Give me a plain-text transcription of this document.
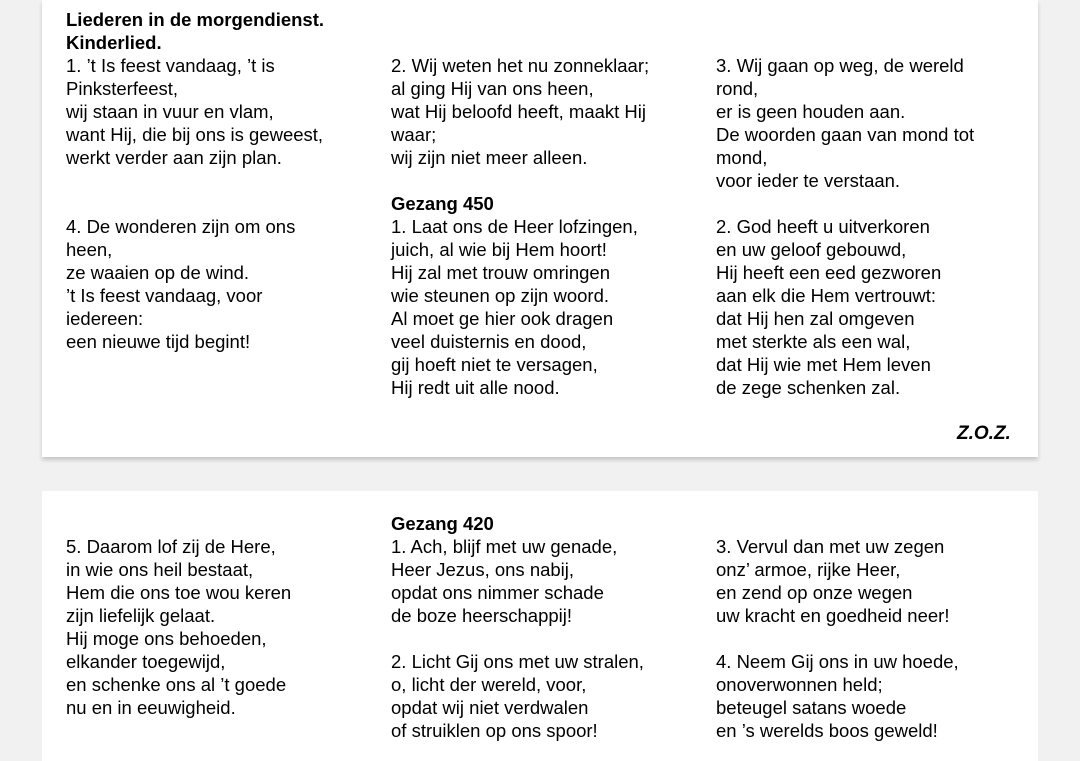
Liederen in de morgendienst.
Kinderlied.
1. ’t Is feest vandaag, ’t is
Pinksterfeest,
wij staan in vuur en vlam,
want Hij, die bij ons is geweest,
werkt verder aan zijn plan.
2. Wij weten het nu zonneklaar;
al ging Hij van ons heen,
wat Hij beloofd heeft, maakt Hij
waar;
wij zijn niet meer alleen.
3. Wij gaan op weg, de wereld
rond,
er is geen houden aan.
De woorden gaan van mond tot
mond,
voor ieder te verstaan.
Gezang 450
4. De wonderen zijn om ons
heen,
ze waaien op de wind.
’t Is feest vandaag, voor
iedereen:
een nieuwe tijd begint!
1. Laat ons de Heer lofzingen,
juich, al wie bij Hem hoort!
Hij zal met trouw omringen
wie steunen op zijn woord.
Al moet ge hier ook dragen
veel duisternis en dood,
gij hoeft niet te versagen,
Hij redt uit alle nood.
2. God heeft u uitverkoren
en uw geloof gebouwd,
Hij heeft een eed gezworen
aan elk die Hem vertrouwt:
dat Hij hen zal omgeven
met sterkte als een wal,
dat Hij wie met Hem leven
de zege schenken zal.
Z.O.Z.
Gezang 420
5. Daarom lof zij de Here,
in wie ons heil bestaat,
Hem die ons toe wou keren
zijn liefelijk gelaat.
Hij moge ons behoeden,
elkander toegewijd,
en schenke ons al ’t goede
nu en in eeuwigheid.
1. Ach, blijf met uw genade,
Heer Jezus, ons nabij,
opdat ons nimmer schade
de boze heerschappij!
3. Vervul dan met uw zegen
onz’ armoe, rijke Heer,
en zend op onze wegen
uw kracht en goedheid neer!
2. Licht Gij ons met uw stralen,
o, licht der wereld, voor,
opdat wij niet verdwalen
of struiklen op ons spoor!
4. Neem Gij ons in uw hoede,
onoverwonnen held;
beteugel satans woede
en ’s werelds boos geweld!
